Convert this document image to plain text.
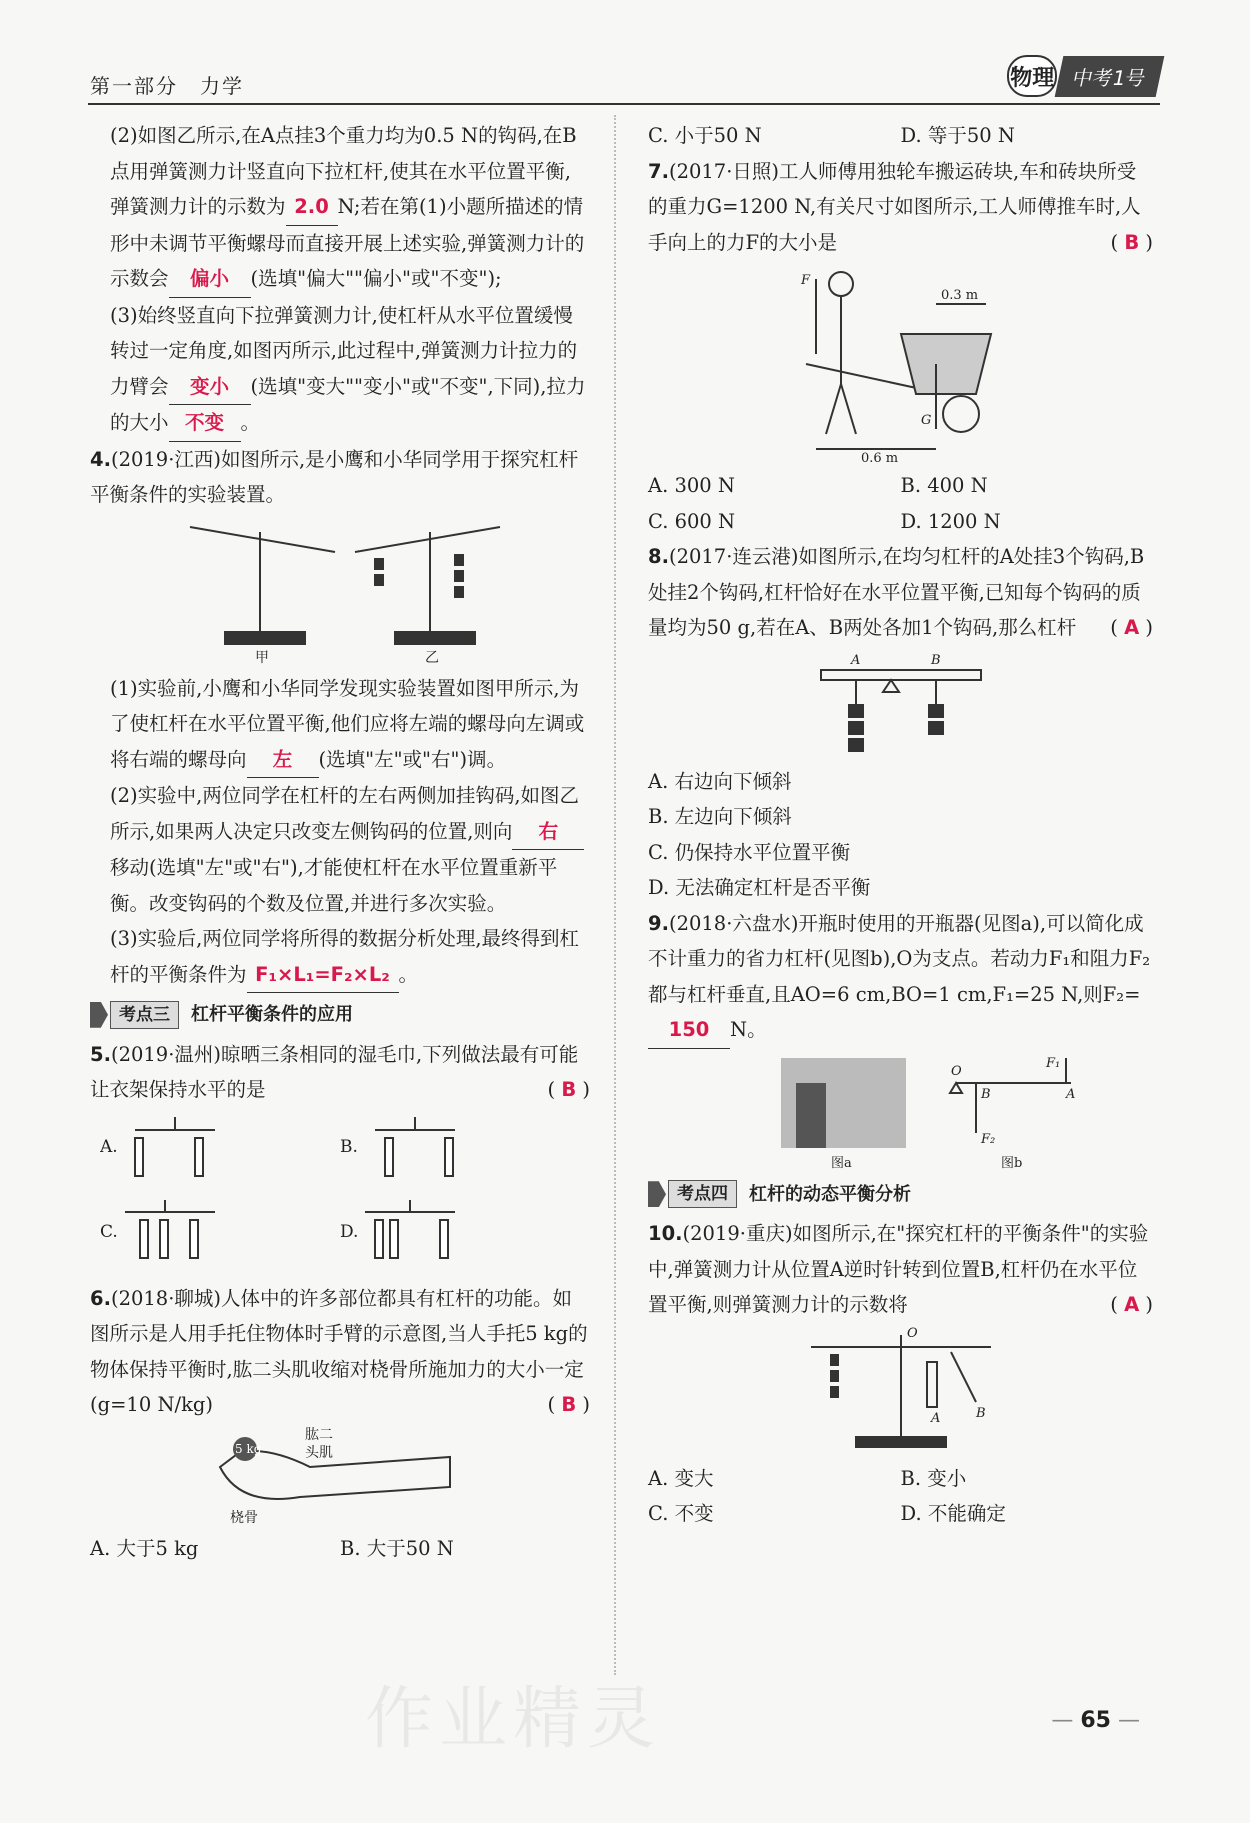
第一部分　力学	物理 中考1号

(2)如图乙所示,在A点挂3个重力均为0.5 N的钩码,在B点用弹簧测力计竖直向下拉杠杆,使其在水平位置平衡,弹簧测力计的示数为 2.0 N;若在第(1)小题所描述的情形中未调节平衡螺母而直接开展上述实验,弹簧测力计的示数会 偏小 (选填"偏大""偏小"或"不变");

(3)始终竖直向下拉弹簧测力计,使杠杆从水平位置缓慢转过一定角度,如图丙所示,此过程中,弹簧测力计拉力的力臂会 变小 (选填"变大""变小"或"不变",下同),拉力的大小 不变 。

4.(2019·江西)如图所示,是小鹰和小华同学用于探究杠杆平衡条件的实验装置。

甲	乙

(1)实验前,小鹰和小华同学发现实验装置如图甲所示,为了使杠杆在水平位置平衡,他们应将左端的螺母向左调或将右端的螺母向 左 (选填"左"或"右")调。

(2)实验中,两位同学在杠杆的左右两侧加挂钩码,如图乙所示,如果两人决定只改变左侧钩码的位置,则向 右移动(选填"左"或"右"),才能使杠杆在水平位置重新平衡。改变钩码的个数及位置,并进行多次实验。

(3)实验后,两位同学将所得的数据分析处理,最终得到杠杆的平衡条件为 F₁×L₁=F₂×L₂ 。

考点三	杠杆平衡条件的应用

5.(2019·温州)晾晒三条相同的湿毛巾,下列做法最有可能让衣架保持水平的是	( B )

A.	B.
C.	D.

6.(2018·聊城)人体中的许多部位都具有杠杆的功能。如图所示是人用手托住物体时手臂的示意图,当人手托5 kg的物体保持平衡时,肱二头肌收缩对桡骨所施加力的大小一定(g=10 N/kg)	( B )

5 kg
肱二
头肌
桡骨
A. 大于5 kg	B. 大于50 N
C. 小于50 N	D. 等于50 N

7.(2017·日照)工人师傅用独轮车搬运砖块,车和砖块所受的重力G=1200 N,有关尺寸如图所示,工人师傅推车时,人手向上的力F的大小是	( B )

F
0.3 m
G
0.6 m
A. 300 N	B. 400 N
C. 600 N	D. 1200 N

8.(2017·连云港)如图所示,在均匀杠杆的A处挂3个钩码,B处挂2个钩码,杠杆恰好在水平位置平衡,已知每个钩码的质量均为50 g,若在A、B两处各加1个钩码,那么杠杆 ( A )

A	B

A. 右边向下倾斜

B. 左边向下倾斜

C. 仍保持水平位置平衡

D. 无法确定杠杆是否平衡

9.(2018·六盘水)开瓶时使用的开瓶器(见图a),可以简化成不计重力的省力杠杆(见图b),O为支点。若动力F₁和阻力F₂都与杠杆垂直,且AO=6 cm,BO=1 cm,F₁=25 N,则F₂=150 N。

O
F₁
B	A
F₂
图a	图b
考点四	杠杆的动态平衡分析

10.(2019·重庆)如图所示,在"探究杠杆的平衡条件"的实验中,弹簧测力计从位置A逆时针转到位置B,杠杆仍在水平位置平衡,则弹簧测力计的示数将	( A )

O
A	B
A. 变大	B. 变小
C. 不变	D. 不能确定
作业精灵
—	65 —
